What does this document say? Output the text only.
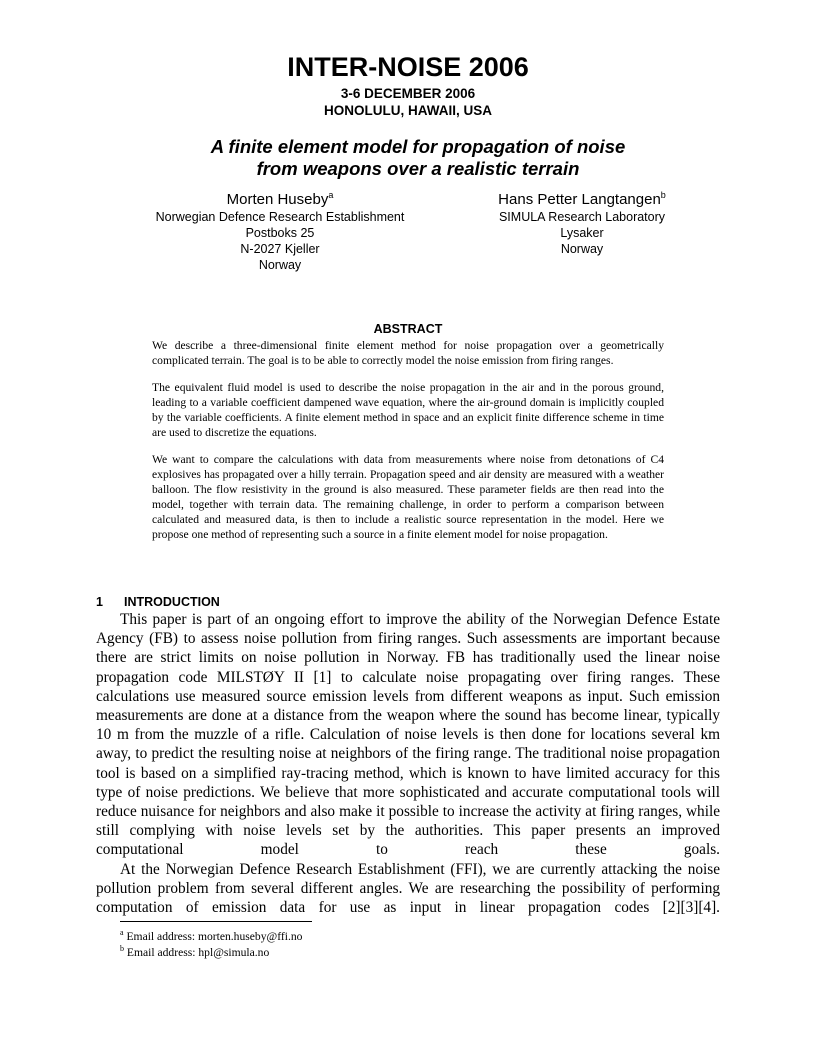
INTER-NOISE 2006
3-6 DECEMBER 2006
HONOLULU, HAWAII, USA
A finite element model for propagation of noise
from weapons over a realistic terrain
Morten Huseby$^a$
Norwegian Defence Research Establishment
Postboks 25
N-2027 Kjeller
Norway
Hans Petter Langtangen$^b$
SIMULA Research Laboratory
Lysaker
Norway
ABSTRACT

We describe a three-dimensional finite element method for noise propagation over a geometrically complicated terrain. The goal is to be able to correctly model the noise emission from firing ranges.

The equivalent fluid model is used to describe the noise propagation in the air and in the porous ground, leading to a variable coefficient dampened wave equation, where the air-ground domain is implicitly coupled by the variable coefficients. A finite element method in space and an explicit finite difference scheme in time are used to discretize the equations.

We want to compare the calculations with data from measurements where noise from detonations of C4 explosives has propagated over a hilly terrain. Propagation speed and air density are measured with a weather balloon. The flow resistivity in the ground is also measured. These parameter fields are then read into the model, together with terrain data. The remaining challenge, in order to perform a comparison between calculated and measured data, is then to include a realistic source representation in the model. Here we propose one method of representing such a source in a finite element model for noise propagation.

1 INTRODUCTION

This paper is part of an ongoing effort to improve the ability of the Norwegian Defence Estate Agency (FB) to assess noise pollution from firing ranges. Such assessments are important because there are strict limits on noise pollution in Norway. FB has traditionally used the linear noise propagation code MILSTØY II [1] to calculate noise propagating over firing ranges. These calculations use measured source emission levels from different weapons as input. Such emission measurements are done at a distance from the weapon where the sound has become linear, typically 10 m from the muzzle of a rifle. Calculation of noise levels is then done for locations several km away, to predict the resulting noise at neighbors of the firing range. The traditional noise propagation tool is based on a simplified ray-tracing method, which is known to have limited accuracy for this type of noise predictions. We believe that more sophisticated and accurate computational tools will reduce nuisance for neighbors and also make it possible to increase the activity at firing ranges, while still complying with noise levels set by the authorities. This paper presents an improved computational model to reach these goals.

At the Norwegian Defence Research Establishment (FFI), we are currently attacking the noise pollution problem from several different angles. We are researching the possibility of performing computation of emission data for use as input in linear propagation codes [2][3][4].

$^a$ Email address: morten.huseby@ffi.no
$^b$ Email address: hpl@simula.no
